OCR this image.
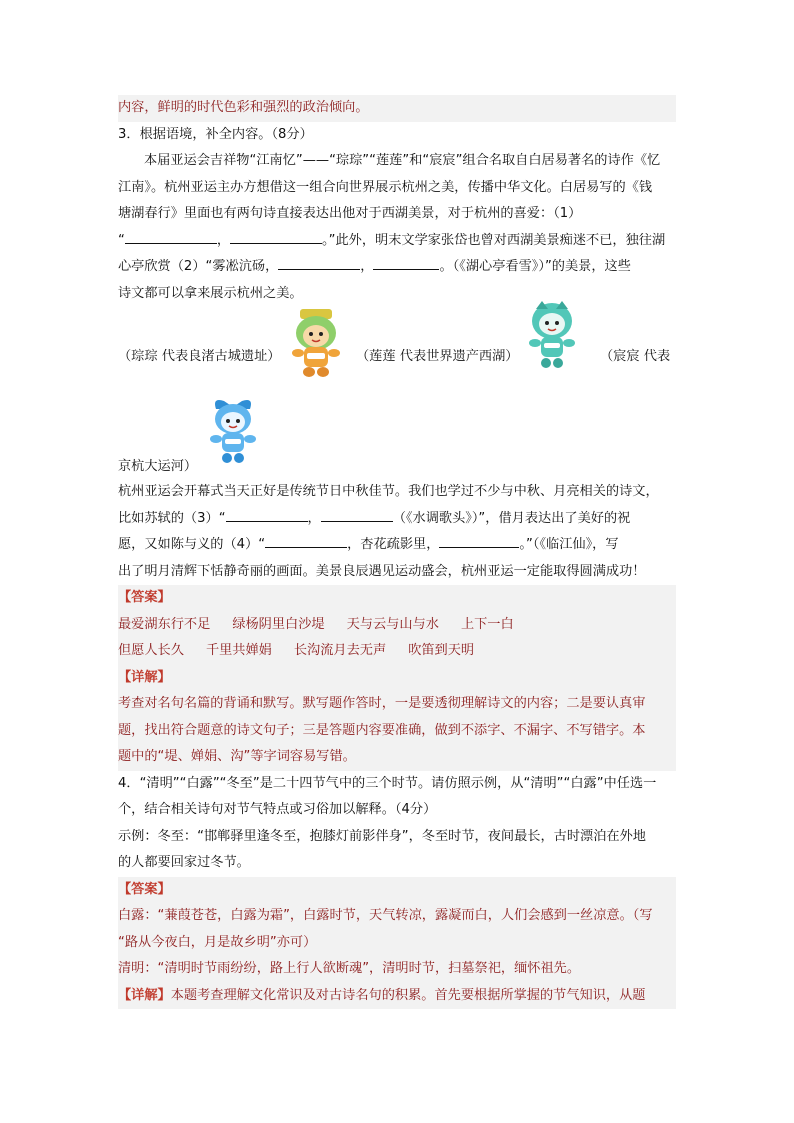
内容，鲜明的时代色彩和强烈的政治倾向。
3．根据语境，补全内容。（8分）
本届亚运会吉祥物“江南忆”——“琮琮”“莲莲”和“宸宸”组合名取自白居易著名的诗作《忆
江南》。杭州亚运主办方想借这一组合向世界展示杭州之美，传播中华文化。白居易写的《钱
塘湖春行》里面也有两句诗直接表达出他对于西湖美景，对于杭州的喜爱：（1）
“	，	。”此外，明末文学家张岱也曾对西湖美景痴迷不已，独往湖
心亭欣赏（2）“雾凇沆砀，	，	。（《湖心亭看雪》）”的美景，这些
诗文都可以拿来展示杭州之美。
（琮琮 代表良渚古城遗址）	（莲莲 代表世界遗产西湖）	（宸宸 代表
京杭大运河）
杭州亚运会开幕式当天正好是传统节日中秋佳节。我们也学过不少与中秋、月亮相关的诗文，
比如苏轼的（3）“	，	（《水调歌头》）”，借月表达出了美好的祝
愿，又如陈与义的（4）“	，杏花疏影里，	。”（《临江仙》，写
出了明月清辉下恬静奇丽的画面。美景良辰遇见运动盛会，杭州亚运一定能取得圆满成功！
【答案】
最爱湖东行不足 绿杨阴里白沙堤 天与云与山与水 上下一白
但愿人长久 千里共婵娟 长沟流月去无声 吹笛到天明
【详解】
考查对名句名篇的背诵和默写。默写题作答时，一是要透彻理解诗文的内容；二是要认真审
题，找出符合题意的诗文句子；三是答题内容要准确，做到不添字、不漏字、不写错字。本
题中的“堤、婵娟、沟”等字词容易写错。
4．“清明”“白露”“冬至”是二十四节气中的三个时节。请仿照示例，从“清明”“白露”中任选一
个，结合相关诗句对节气特点或习俗加以解释。（4分）
示例：冬至：“邯郸驿里逢冬至，抱膝灯前影伴身”，冬至时节，夜间最长，古时漂泊在外地
的人都要回家过冬节。
【答案】
白露：“蒹葭苍苍，白露为霜”，白露时节，天气转凉，露凝而白，人们会感到一丝凉意。（写
“路从今夜白，月是故乡明”亦可）
清明：“清明时节雨纷纷，路上行人欲断魂”，清明时节，扫墓祭祀，缅怀祖先。
【详解】本题考查理解文化常识及对古诗名句的积累。首先要根据所掌握的节气知识，从题
